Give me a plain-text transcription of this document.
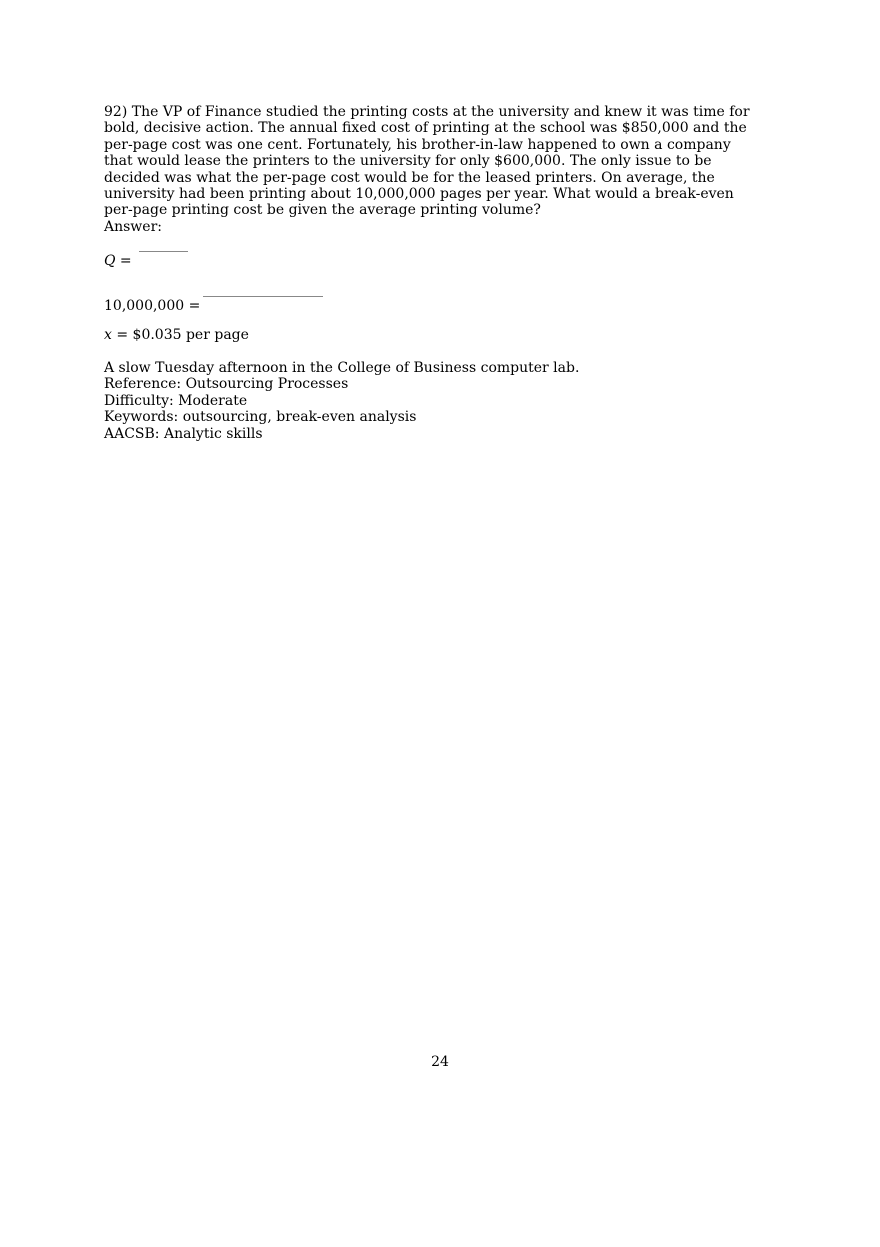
92) The VP of Finance studied the printing costs at the university and knew it was time for
bold, decisive action. The annual fixed cost of printing at the school was $850,000 and the
per-page cost was one cent. Fortunately, his brother-in-law happened to own a company
that would lease the printers to the university for only $600,000. The only issue to be
decided was what the per-page cost would be for the leased printers. On average, the
university had been printing about 10,000,000 pages per year. What would a break-even
per-page printing cost be given the average printing volume?
Answer:
Q =
10,000,000 =
x = $0.035 per page
A slow Tuesday afternoon in the College of Business computer lab.
Reference: Outsourcing Processes
Difficulty: Moderate
Keywords: outsourcing, break-even analysis
AACSB: Analytic skills
24
